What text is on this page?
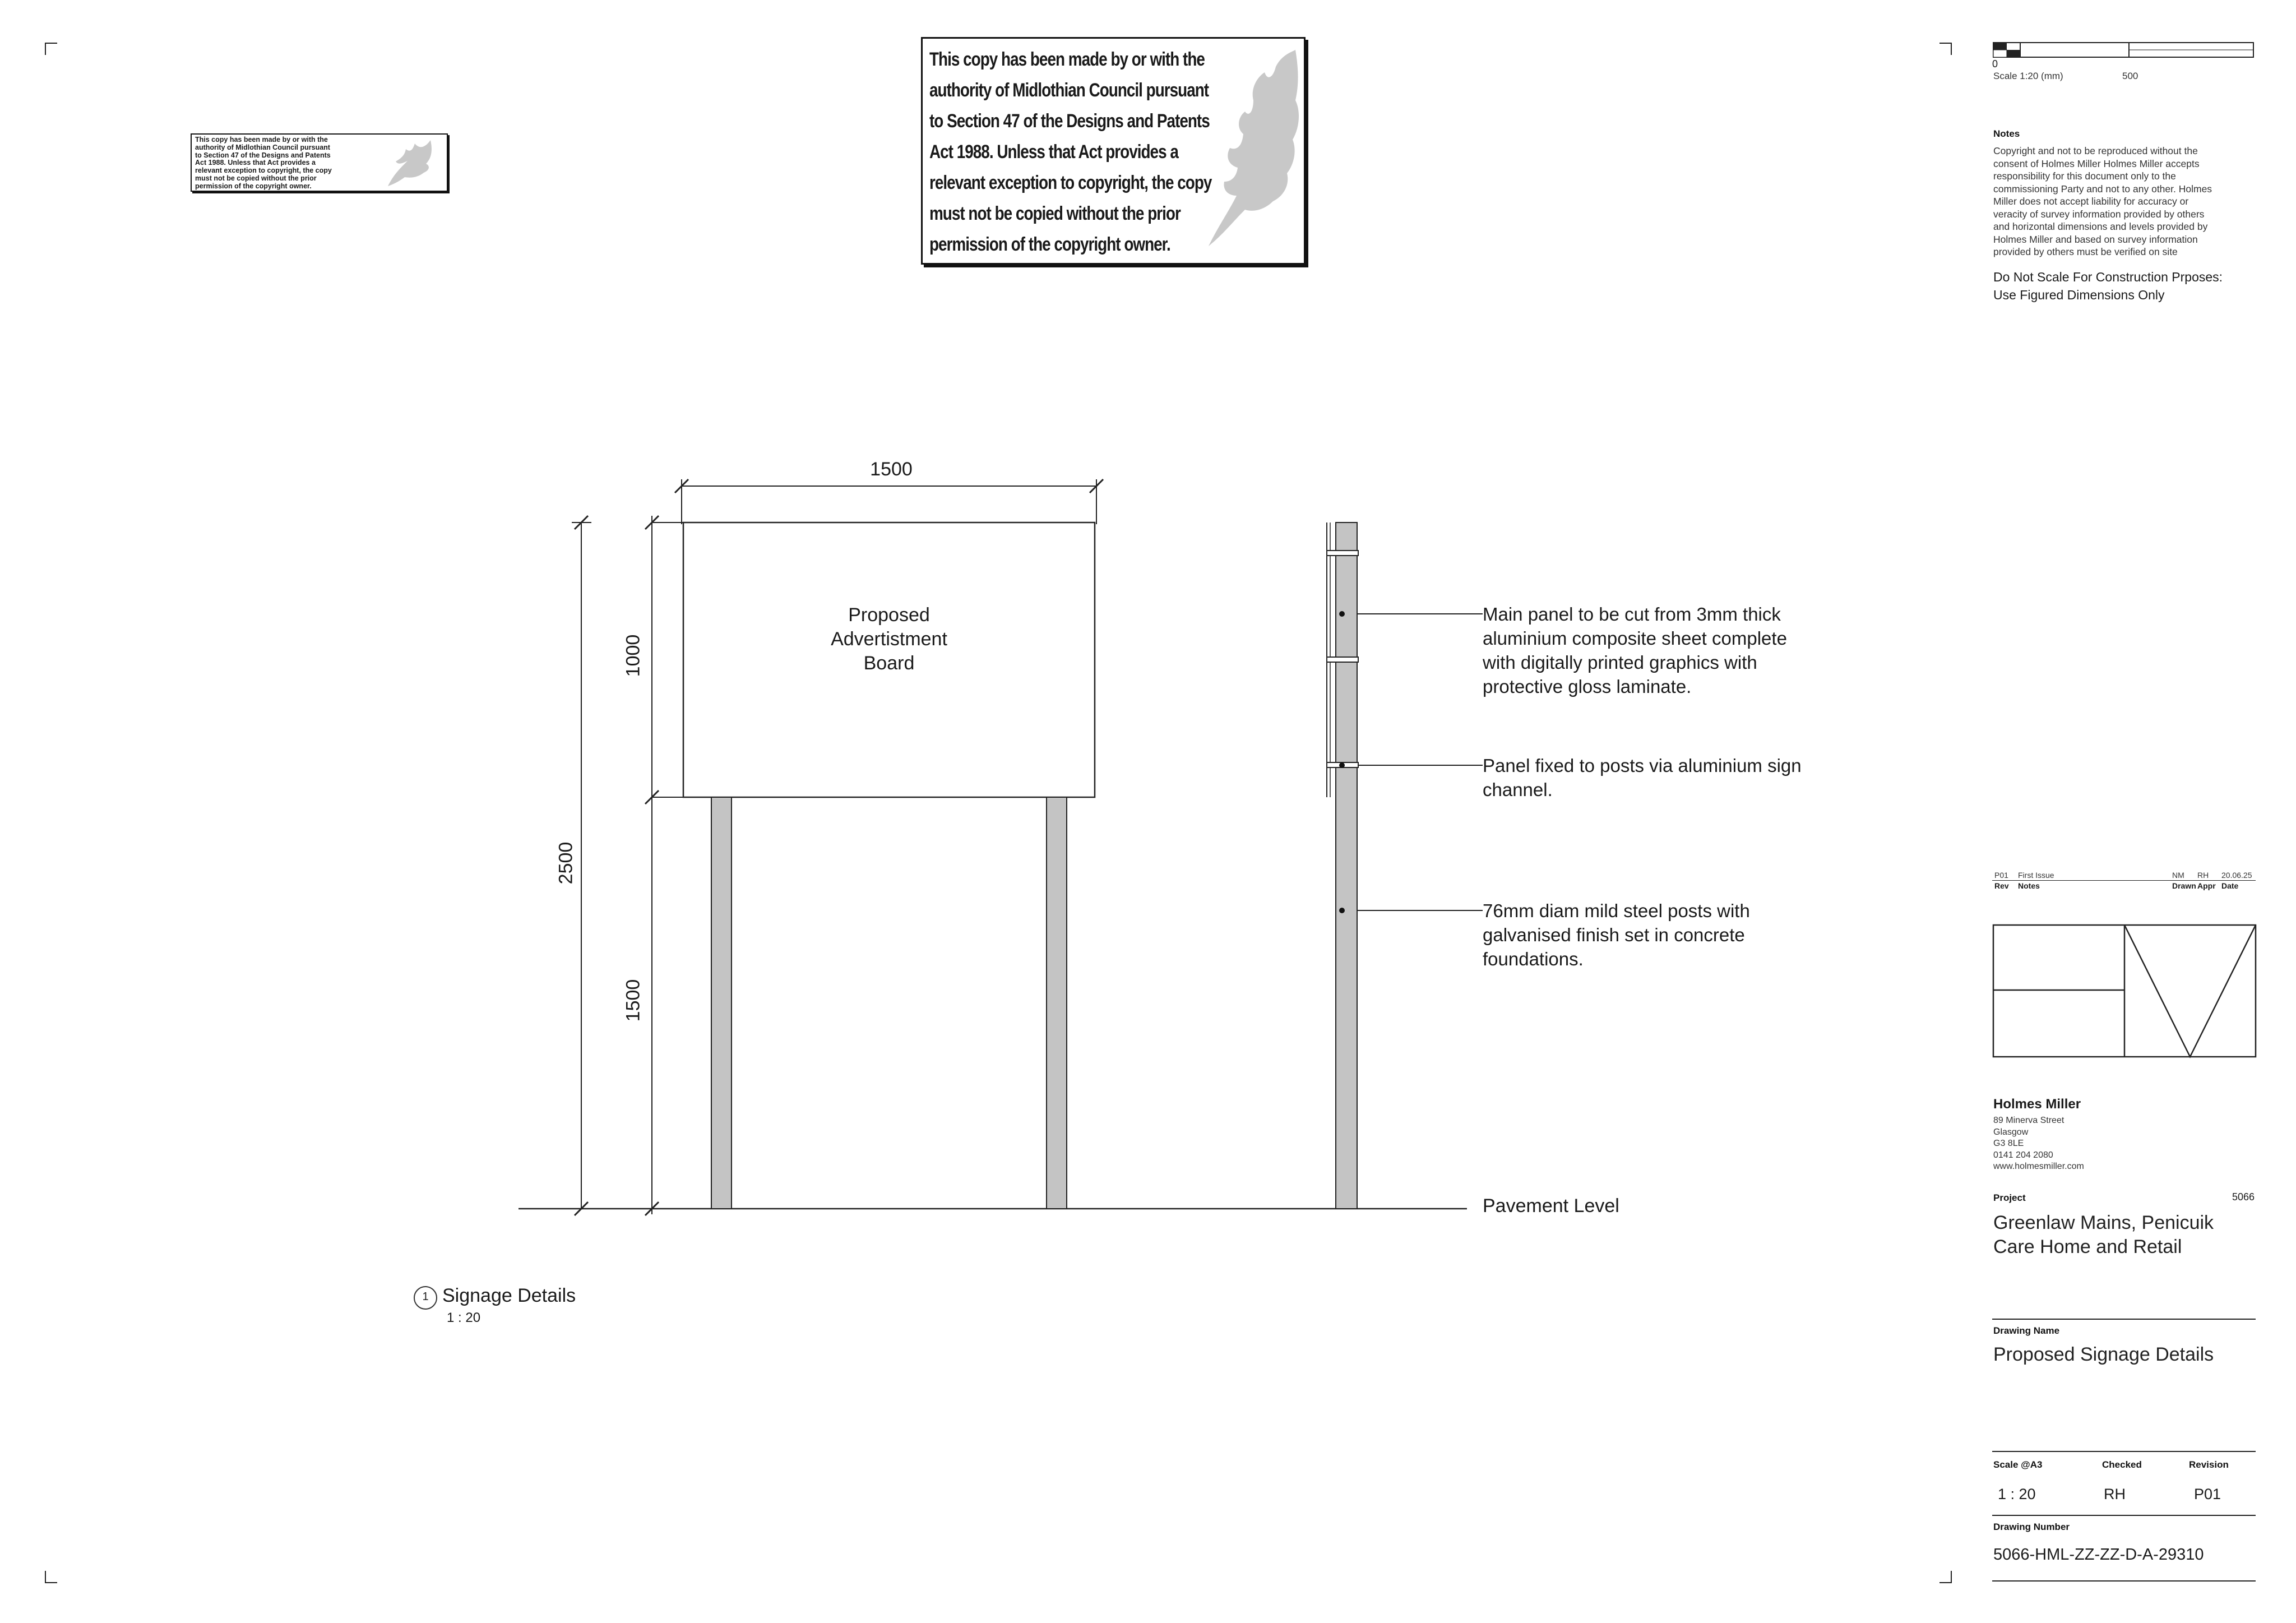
This copy has been made by or with the
authority of Midlothian Council pursuant
to Section 47 of the Designs and Patents
Act 1988. Unless that Act provides a
relevant exception to copyright, the copy
must not be copied without the prior
permission of the copyright owner.
This copy has been made by or with the
authority of Midlothian Council pursuant
to Section 47 of the Designs and Patents
Act 1988. Unless that Act provides a
relevant exception to copyright, the copy
must not be copied without the prior
permission of the copyright owner.
1500
1000
2500
1500
Proposed
Advertistment
Board
Main panel to be cut from 3mm thick
aluminium composite sheet complete
with digitally printed graphics with
protective gloss laminate.
Panel fixed to posts via aluminium sign
channel.
76mm diam mild steel posts with
galvanised finish set in concrete
foundations.
Pavement Level
1 Signage Details
1 : 20
0
Scale 1:20 (mm)	500
Notes
Copyright and not to be reproduced without the
consent of Holmes Miller Holmes Miller accepts
responsibility for this document only to the
commissioning Party and not to any other. Holmes
Miller does not accept liability for accuracy or
veracity of survey information provided by others
and horizontal dimensions and levels provided by
Holmes Miller and based on survey information
provided by others must be verified on site
Do Not Scale For Construction Prposes:
Use Figured Dimensions Only
P01 First Issue	NM RH 20.06.25
Rev Notes	Drawn Appr Date
Holmes Miller
89 Minerva Street
Glasgow
G3 8LE
0141 204 2080
www.holmesmiller.com
Project	5066
Greenlaw Mains, Penicuik
Care Home and Retail
Drawing Name
Proposed Signage Details
Scale @A3	Checked	Revision
1 : 20	RH	P01
Drawing Number
5066-HML-ZZ-ZZ-D-A-29310
